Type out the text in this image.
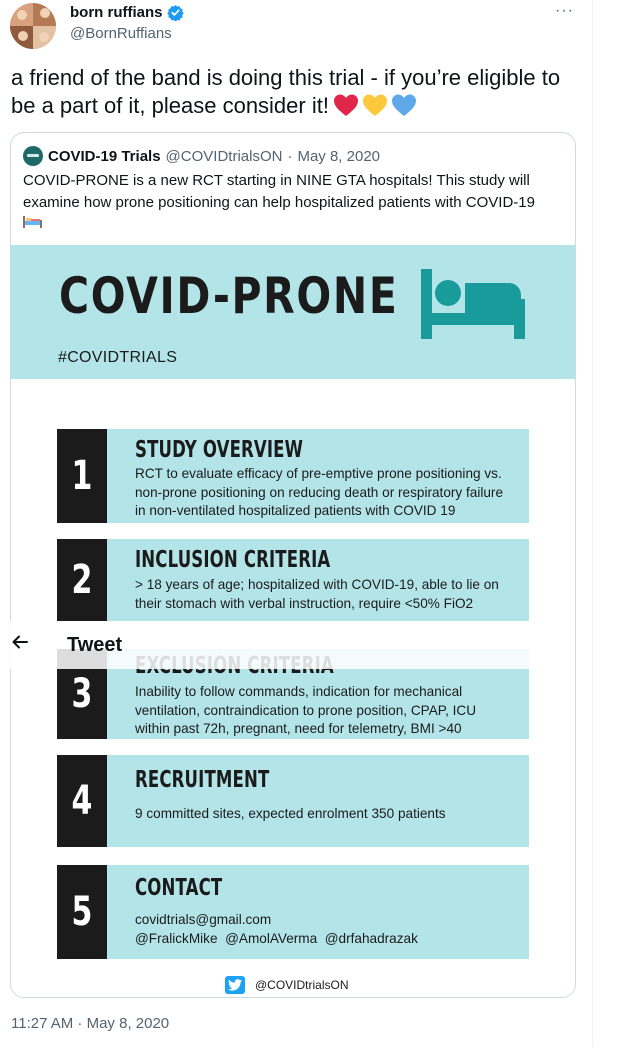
born ruffians
@BornRuffians
···
a friend of the band is doing this trial - if you’re eligible to be a part of it, please consider it!
COVID-19 Trials @COVIDtrialsON · May 8, 2020
COVID-PRONE is a new RCT starting in NINE GTA hospitals! This study will examine how prone positioning can help hospitalized patients with COVID-19
COVID-PRONE
#COVIDTRIALS
1
STUDY OVERVIEW
RCT to evaluate efficacy of pre-emptive prone positioning vs.
non-prone positioning on reducing death or respiratory failure
in non-ventilated hospitalized patients with COVID 19
2 INCLUSION CRITERIA
> 18 years of age; hospitalized with COVID-19, able to lie on
their stomach with verbal instruction, require <50% FiO2
3	Inability to follow commands, indication for mechanical
ventilation, contraindication to prone position, CPAP, ICU
within past 72h, pregnant, need for telemetry, BMI >40
4 RECRUITMENT
9 committed sites, expected enrolment 350 patients
5
CONTACT
covidtrials@gmail.com
@FralickMike  @AmolAVerma  @drfahadrazak
@COVIDtrialsON
11:27 AM · May 8, 2020
Tweet
